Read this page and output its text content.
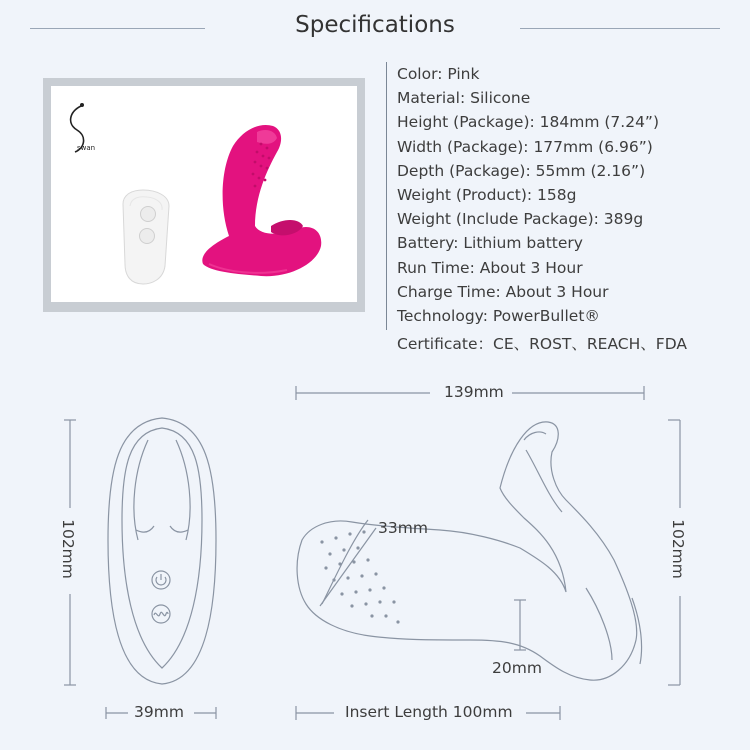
Specifications
swan
Color: Pink
Material: Silicone
Height (Package): 184mm (7.24”)
Width (Package): 177mm (6.96”)
Depth (Package): 55mm (2.16”)
Weight (Product): 158g
Weight (Include Package): 389g
Battery: Lithium battery
Run Time: About 3 Hour
Charge Time: About 3 Hour
Technology: PowerBullet®
Certificate：CE、ROST、REACH、FDA
139mm
102mm	102mm
39mm
33mm
20mm
Insert Length 100mm
